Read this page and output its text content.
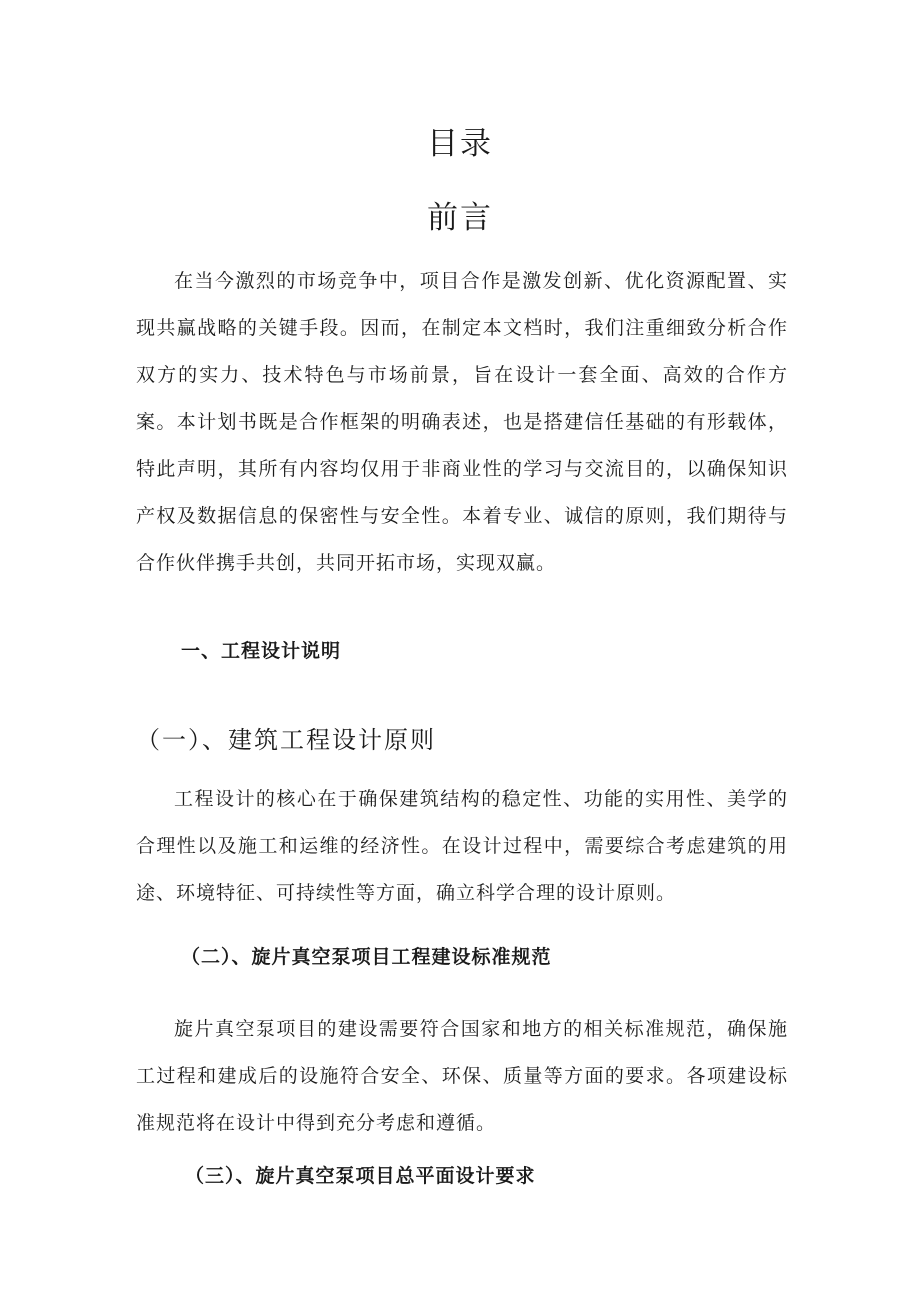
目录
前言
在当今激烈的市场竞争中，项目合作是激发创新、优化资源配置、实现共赢战略的关键手段。因而，在制定本文档时，我们注重细致分析合作双方的实力、技术特色与市场前景，旨在设计一套全面、高效的合作方案。本计划书既是合作框架的明确表述，也是搭建信任基础的有形载体，特此声明，其所有内容均仅用于非商业性的学习与交流目的，以确保知识产权及数据信息的保密性与安全性。本着专业、诚信的原则，我们期待与合作伙伴携手共创，共同开拓市场，实现双赢。
一、工程设计说明
（一）、建筑工程设计原则
工程设计的核心在于确保建筑结构的稳定性、功能的实用性、美学的合理性以及施工和运维的经济性。在设计过程中，需要综合考虑建筑的用途、环境特征、可持续性等方面，确立科学合理的设计原则。
（二）、旋片真空泵项目工程建设标准规范
旋片真空泵项目的建设需要符合国家和地方的相关标准规范，确保施工过程和建成后的设施符合安全、环保、质量等方面的要求。各项建设标准规范将在设计中得到充分考虑和遵循。
（三）、旋片真空泵项目总平面设计要求
